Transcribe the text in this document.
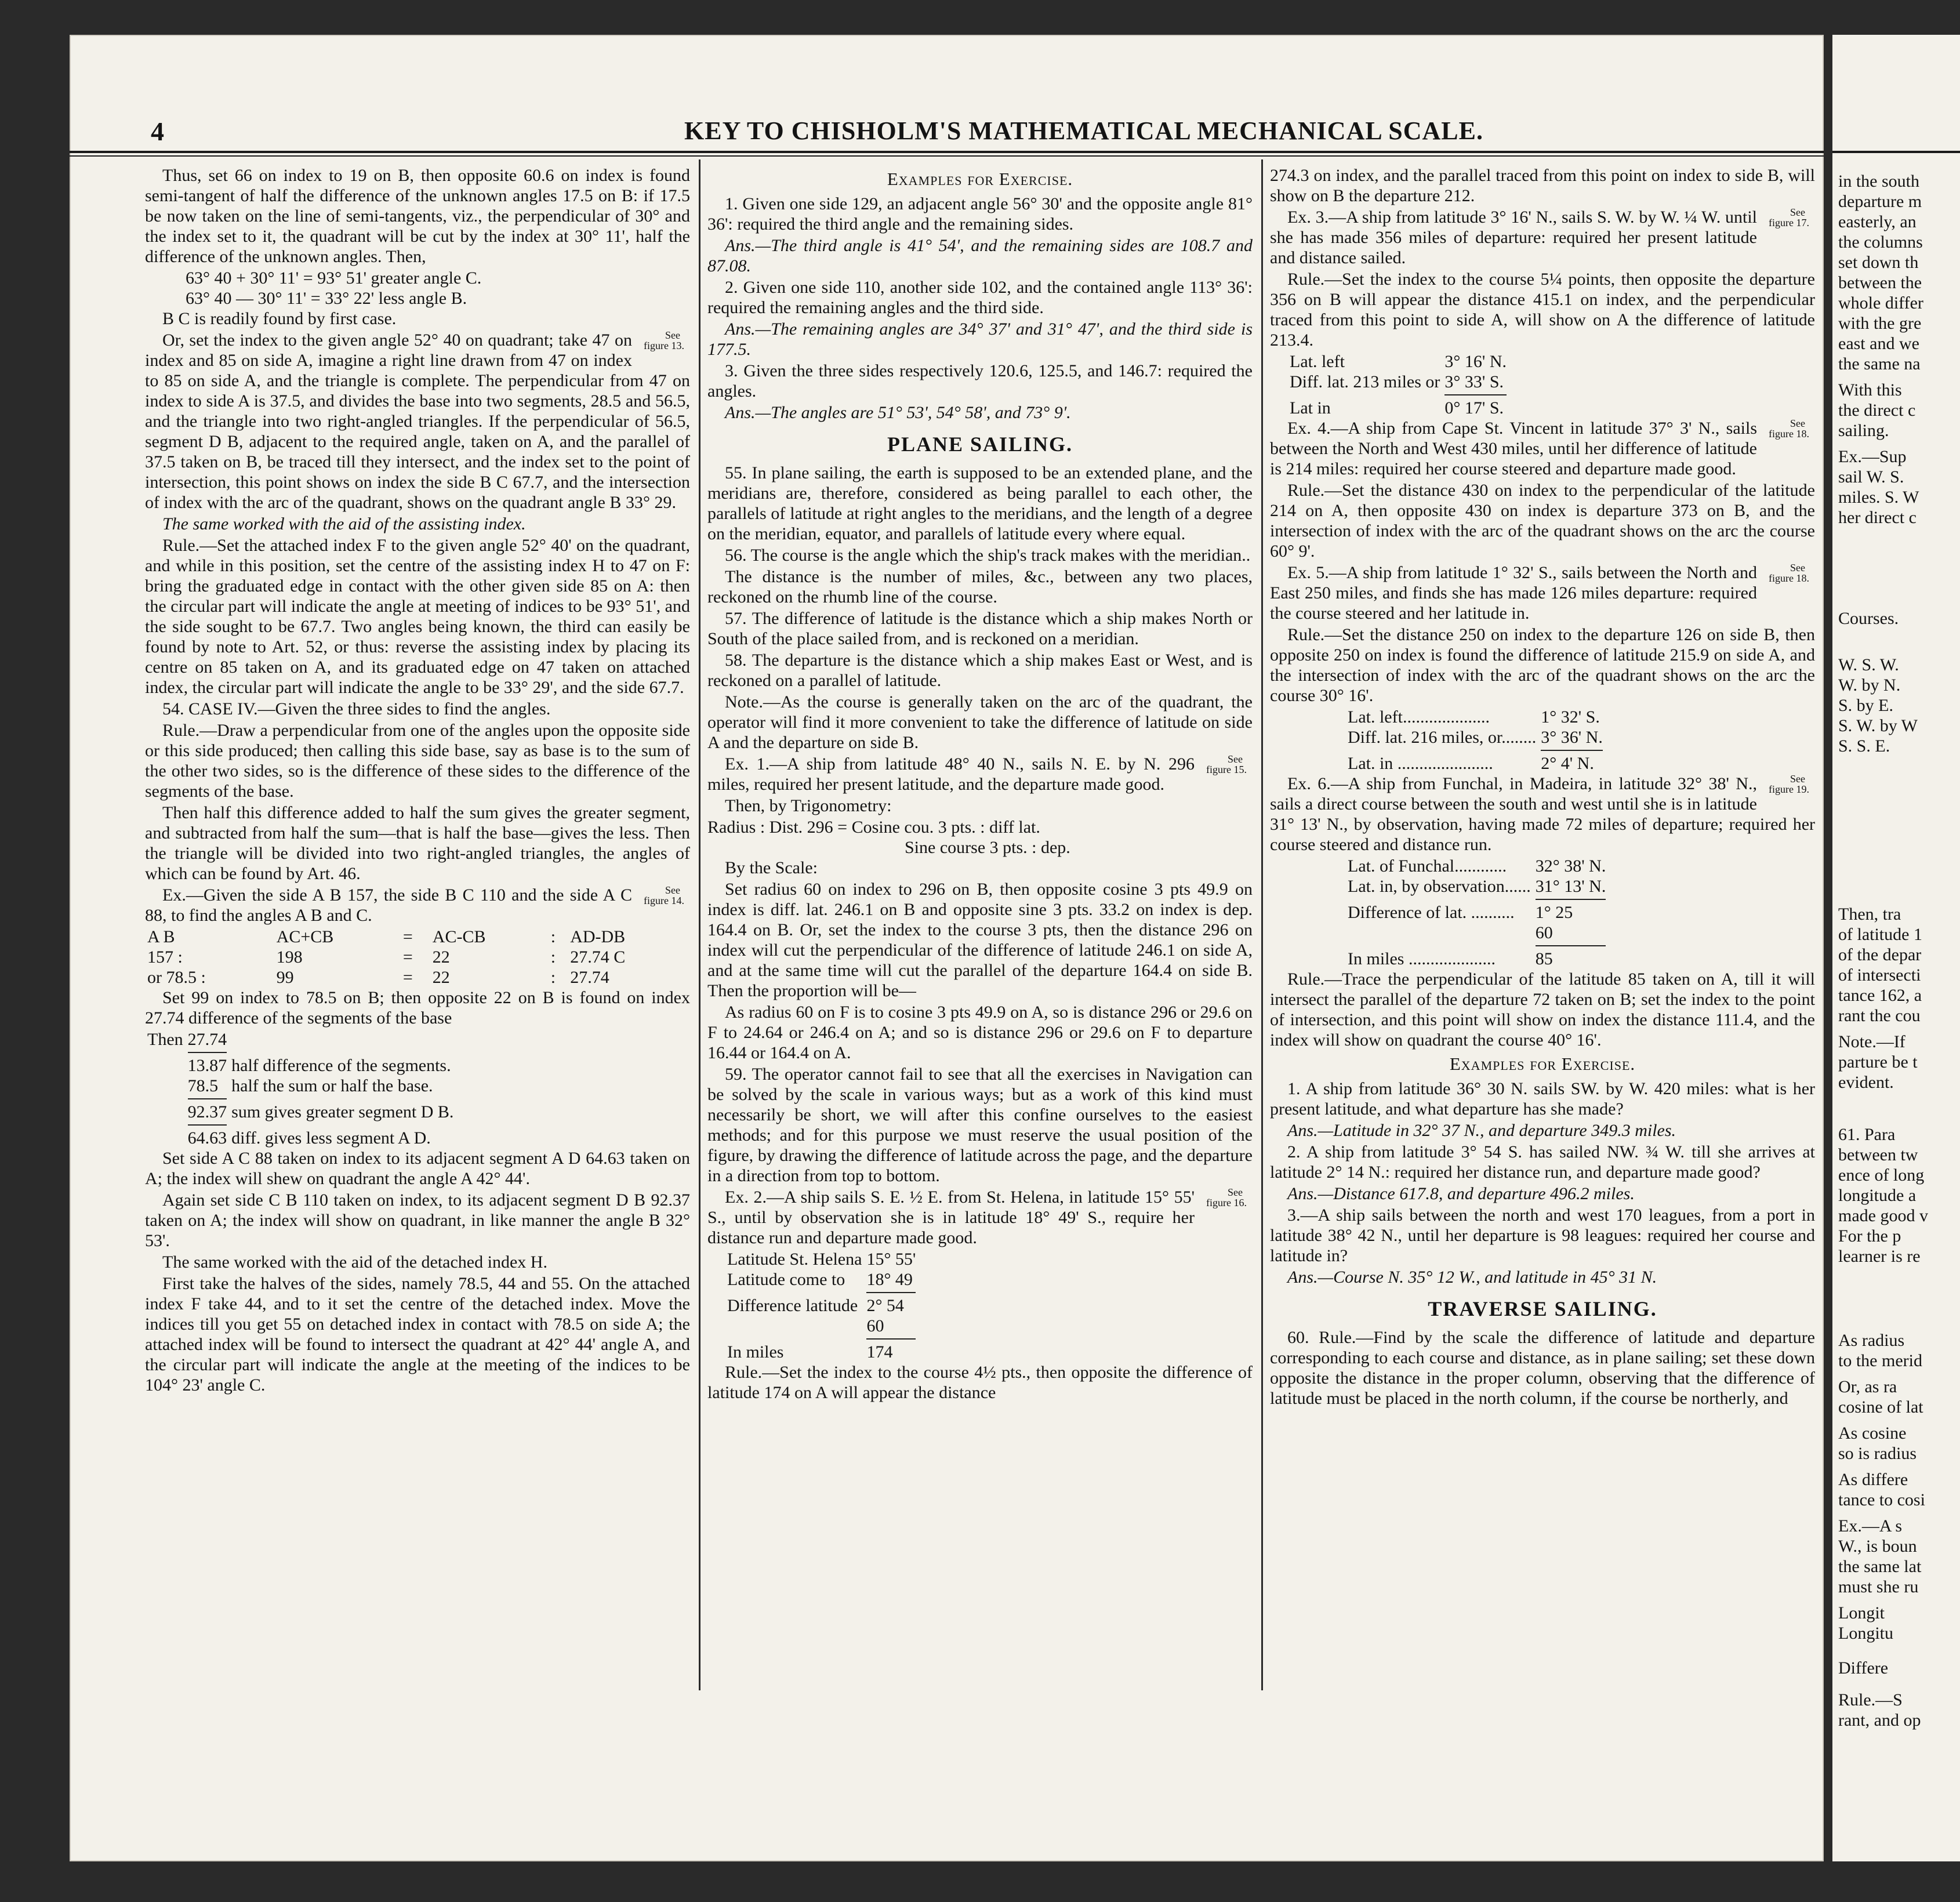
4	KEY TO CHISHOLM'S MATHEMATICAL MECHANICAL SCALE.

Thus, set 66 on index to 19 on B, then opposite 60.6 on index is found semi-tangent of half the difference of the unknown angles 17.5 on B: if 17.5 be now taken on the line of semi-tangents, viz., the perpendicular of 30° and the index set to it, the quadrant will be cut by the index at 30° 11', half the difference of the unknown angles. Then,

63° 40 + 30° 11' = 93° 51' greater angle C.
63° 40 — 30° 11' = 33° 22' less angle B.

B C is readily found by first case.

See figure 13.
Or, set the index to the given angle 52° 40 on quadrant; take 47 on index and 85 on side A, imagine a right line drawn from 47 on index to 85 on side A, and the triangle is complete. The perpendicular from 47 on index to side A is 37.5, and divides the base into two segments, 28.5 and 56.5, and the triangle into two right-angled triangles. If the perpendicular of 56.5, segment D B, adjacent to the required angle, taken on A, and the parallel of 37.5 taken on B, be traced till they intersect, and the index set to the point of intersection, this point shows on index the side B C 67.7, and the intersection of index with the arc of the quadrant, shows on the quadrant angle B 33° 29.

The same worked with the aid of the assisting index.

Rule.—Set the attached index F to the given angle 52° 40' on the quadrant, and while in this position, set the centre of the assisting index H to 47 on F: bring the graduated edge in contact with the other given side 85 on A: then the circular part will indicate the angle at meeting of indices to be 93° 51', and the side sought to be 67.7. Two angles being known, the third can easily be found by note to Art. 52, or thus: reverse the assisting index by placing its centre on 85 taken on A, and its graduated edge on 47 taken on attached index, the circular part will indicate the angle to be 33° 29', and the side 67.7.

54. CASE IV.—Given the three sides to find the angles.

Rule.—Draw a perpendicular from one of the angles upon the opposite side or this side produced; then calling this side base, say as base is to the sum of the other two sides, so is the difference of these sides to the difference of the segments of the base.

Then half this difference added to half the sum gives the greater segment, and subtracted from half the sum—that is half the base—gives the less. Then the triangle will be divided into two right-angled triangles, the angles of which can be found by Art. 46.

See figure 14.
Ex.—Given the side A B 157, the side B C 110 and the side A C 88, to find the angles A B and C.

A B	AC+CB	=	AC-CB	:	AD-DB
157 :	198	=	22	:	27.74 C
or 78.5 :	99	=	22	:	27.74

Set 99 on index to 78.5 on B; then opposite 22 on B is found on index 27.74 difference of the segments of the base

Then	27.74	

	13.87	half difference of the segments.
	78.5	half the sum or half the base.

	92.37	sum gives greater segment D B.

	64.63	diff. gives less segment A D.

Set side A C 88 taken on index to its adjacent segment A D 64.63 taken on A; the index will shew on quadrant the angle A 42° 44'.

Again set side C B 110 taken on index, to its adjacent segment D B 92.37 taken on A; the index will show on quadrant, in like manner the angle B 32° 53'.

The same worked with the aid of the detached index H.

First take the halves of the sides, namely 78.5, 44 and 55. On the attached index F take 44, and to it set the centre of the detached index. Move the indices till you get 55 on detached index in contact with 78.5 on side A; the attached index will be found to intersect the quadrant at 42° 44' angle A, and the circular part will indicate the angle at the meeting of the indices to be 104° 23' angle C.

Examples for Exercise.

1. Given one side 129, an adjacent angle 56° 30' and the opposite angle 81° 36': required the third angle and the remaining sides.

Ans.—The third angle is 41° 54', and the remaining sides are 108.7 and 87.08.

2. Given one side 110, another side 102, and the contained angle 113° 36': required the remaining angles and the third side.

Ans.—The remaining angles are 34° 37' and 31° 47', and the third side is 177.5.

3. Given the three sides respectively 120.6, 125.5, and 146.7: required the angles.

Ans.—The angles are 51° 53', 54° 58', and 73° 9'.

PLANE SAILING.

55. In plane sailing, the earth is supposed to be an extended plane, and the meridians are, therefore, considered as being parallel to each other, the parallels of latitude at right angles to the meridians, and the length of a degree on the meridian, equator, and parallels of latitude every where equal.

56. The course is the angle which the ship's track makes with the meridian..

The distance is the number of miles, &c., between any two places, reckoned on the rhumb line of the course.

57. The difference of latitude is the distance which a ship makes North or South of the place sailed from, and is reckoned on a meridian.

58. The departure is the distance which a ship makes East or West, and is reckoned on a parallel of latitude.

Note.—As the course is generally taken on the arc of the quadrant, the operator will find it more convenient to take the difference of latitude on side A and the departure on side B.

See figure 15.
Ex. 1.—A ship from latitude 48° 40 N., sails N. E. by N. 296 miles, required her present latitude, and the departure made good.

Then, by Trigonometry:

Radius : Dist. 296 = Cosine cou. 3 pts. : diff lat.
Sine course 3 pts. : dep.

By the Scale:

Set radius 60 on index to 296 on B, then opposite cosine 3 pts 49.9 on index is diff. lat. 246.1 on B and opposite sine 3 pts. 33.2 on index is dep. 164.4 on B. Or, set the index to the course 3 pts, then the distance 296 on index will cut the perpendicular of the difference of latitude 246.1 on side A, and at the same time will cut the parallel of the departure 164.4 on side B. Then the proportion will be—

As radius 60 on F is to cosine 3 pts 49.9 on A, so is distance 296 or 29.6 on F to 24.64 or 246.4 on A; and so is distance 296 or 29.6 on F to departure 16.44 or 164.4 on A.

59. The operator cannot fail to see that all the exercises in Navigation can be solved by the scale in various ways; but as a work of this kind must necessarily be short, we will after this confine ourselves to the easiest methods; and for this purpose we must reserve the usual position of the figure, by drawing the difference of latitude across the page, and the departure in a direction from top to bottom.

See figure 16.
Ex. 2.—A ship sails S. E. ½ E. from St. Helena, in latitude 15° 55' S., until by observation she is in latitude 18° 49' S., require her distance run and departure made good.

Latitude St. Helena	15° 55'
Latitude come to	18° 49

Difference latitude	2° 54
	60

In miles	174

Rule.—Set the index to the course 4½ pts., then opposite the difference of latitude 174 on A will appear the distance

274.3 on index, and the parallel traced from this point on index to side B, will show on B the departure 212.

See figure 17.
Ex. 3.—A ship from latitude 3° 16' N., sails S. W. by W. ¼ W. until she has made 356 miles of departure: required her present latitude and distance sailed.

Rule.—Set the index to the course 5¼ points, then opposite the departure 356 on B will appear the distance 415.1 on index, and the perpendicular traced from this point to side A, will show on A the difference of latitude 213.4.

Lat. left	3° 16' N.
Diff. lat. 213 miles or	3° 33' S.

Lat in	0° 17' S.

See figure 18.
Ex. 4.—A ship from Cape St. Vincent in latitude 37° 3' N., sails between the North and West 430 miles, until her difference of latitude is 214 miles: required her course steered and departure made good.

Rule.—Set the distance 430 on index to the perpendicular of the latitude 214 on A, then opposite 430 on index is departure 373 on B, and the intersection of index with the arc of the quadrant shows on the arc the course 60° 9'.

See figure 18.
Ex. 5.—A ship from latitude 1° 32' S., sails between the North and East 250 miles, and finds she has made 126 miles departure: required the course steered and her latitude in.

Rule.—Set the distance 250 on index to the departure 126 on side B, then opposite 250 on index is found the difference of latitude 215.9 on side A, and the intersection of index with the arc of the quadrant shows on the arc the course 30° 16'.

Lat. left....................	1° 32' S.
Diff. lat. 216 miles, or........	3° 36' N.

Lat. in ......................	2° 4' N.

See figure 19.
Ex. 6.—A ship from Funchal, in Madeira, in latitude 32° 38' N., sails a direct course between the south and west until she is in latitude 31° 13' N., by observation, having made 72 miles of departure; required her course steered and distance run.

Lat. of Funchal............	32° 38' N.
Lat. in, by observation......	31° 13' N.

Difference of lat. ..........	1° 25
	60

In miles ....................	85

Rule.—Trace the perpendicular of the latitude 85 taken on A, till it will intersect the parallel of the departure 72 taken on B; set the index to the point of intersection, and this point will show on index the distance 111.4, and the index will show on quadrant the course 40° 16'.

Examples for Exercise.

1. A ship from latitude 36° 30 N. sails SW. by W. 420 miles: what is her present latitude, and what departure has she made?

Ans.—Latitude in 32° 37 N., and departure 349.3 miles.

2. A ship from latitude 3° 54 S. has sailed NW. ¾ W. till she arrives at latitude 2° 14 N.: required her distance run, and departure made good?

Ans.—Distance 617.8, and departure 496.2 miles.

3.—A ship sails between the north and west 170 leagues, from a port in latitude 38° 42 N., until her departure is 98 leagues: required her course and latitude in?

Ans.—Course N. 35° 12 W., and latitude in 45° 31 N.

TRAVERSE SAILING.

60. Rule.—Find by the scale the difference of latitude and departure corresponding to each course and distance, as in plane sailing; set these down opposite the distance in the proper column, observing that the difference of latitude must be placed in the north column, if the course be northerly, and

in the south
departure m
easterly, an
the columns
set down th
between the
whole differ
with the gre
east and we
the same na
With this
the direct c
sailing.
Ex.—Sup
sail W. S.
miles. S. W
her direct c
Courses.
W. S. W.
W. by N.
S. by E.
S. W. by W
S. S. E.
Then, tra
of latitude 1
of the depar
of intersecti
tance 162, a
rant the cou
Note.—If
parture be t
evident.
61. Para
between tw
ence of long
longitude a
made good v
For the p
learner is re
As radius
to the merid
Or, as ra
cosine of lat
As cosine
so is radius
As differe
tance to cosi
Ex.—A s
W., is boun
the same lat
must she ru
Longit
Longitu
Differe
Rule.—S
rant, and op
